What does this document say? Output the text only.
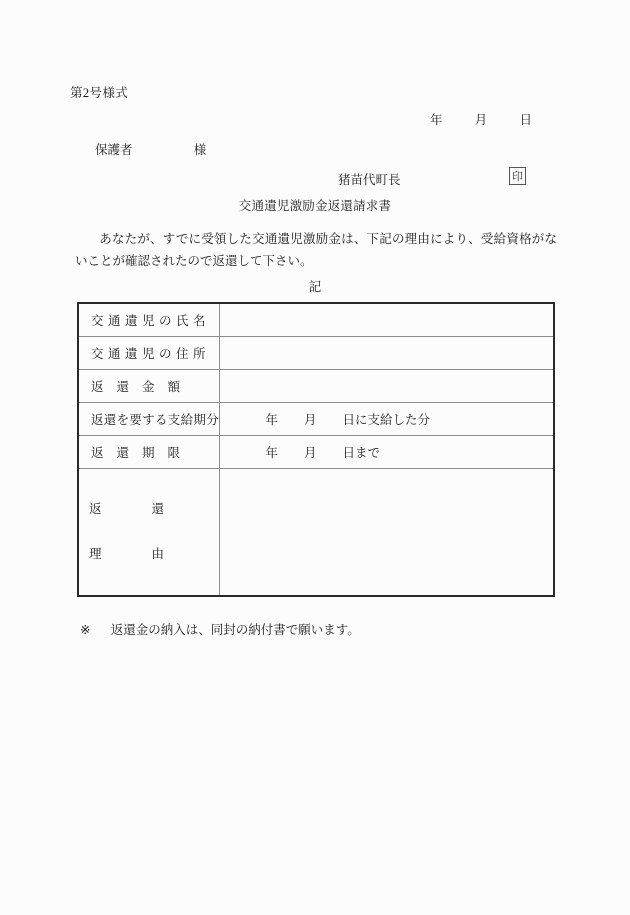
第2号様式
年	月	日
保護者	様
猪苗代町長	印
交通遺児激励金返還請求書
あなたが、すでに受領した交通遺児激励金は、下記の理由により、受給資格がないことが確認されたので返還して下さい。
記
交通遺児の氏名	

交通遺児の住所	

返還金額	

返還を要する支給期分	年 月 日に支給した分

返還期限	年 月 日まで

返　　　　還
理　　　　由	

※ 返還金の納入は、同封の納付書で願います。
